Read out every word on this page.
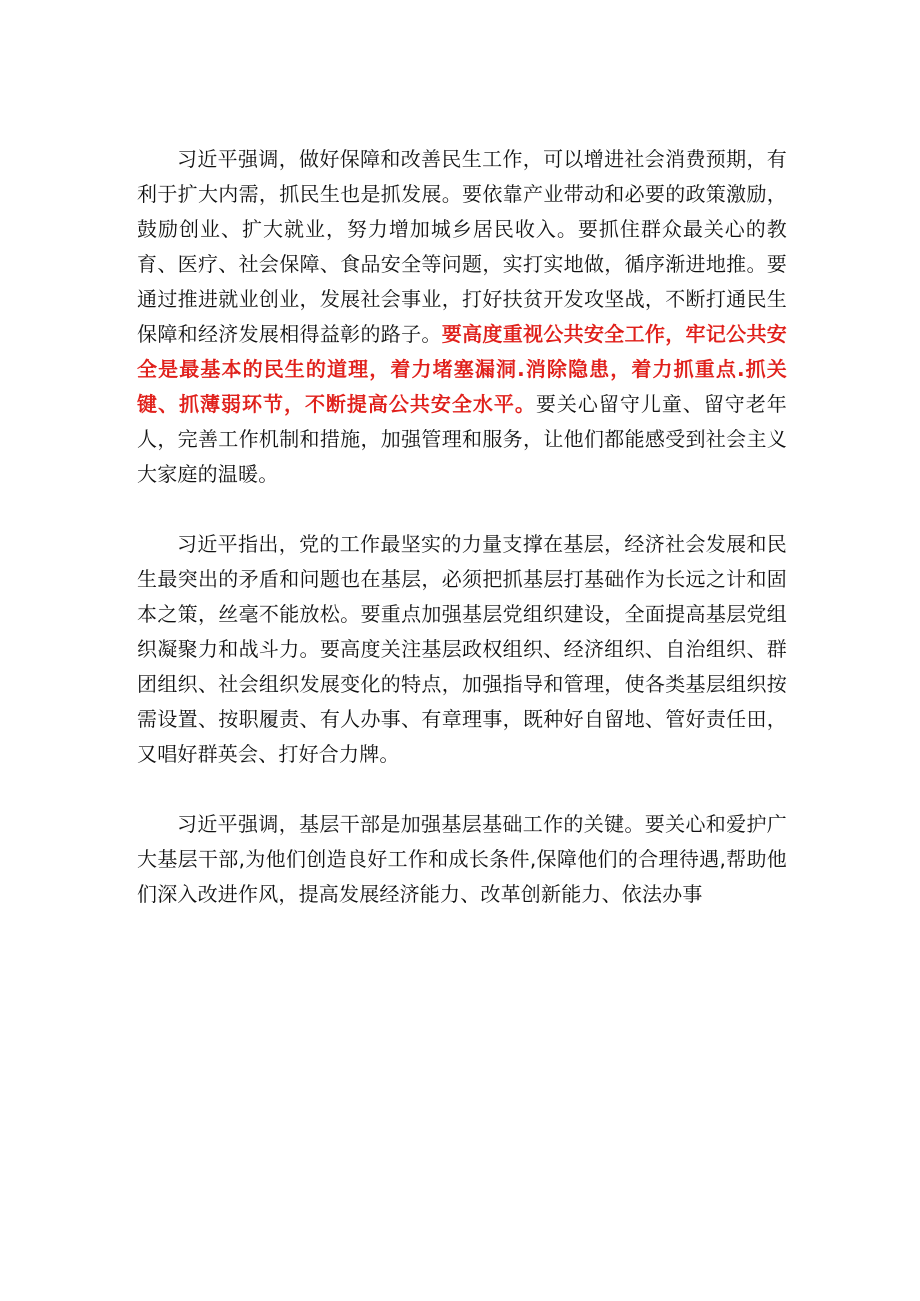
习近平强调，做好保障和改善民生工作，可以增进社会消费预期，有利于扩大内需，抓民生也是抓发展。要依靠产业带动和必要的政策激励，鼓励创业、扩大就业，努力增加城乡居民收入。要抓住群众最关心的教育、医疗、社会保障、食品安全等问题，实打实地做，循序渐进地推。要通过推进就业创业，发展社会事业，打好扶贫开发攻坚战，不断打通民生保障和经济发展相得益彰的路子。要高度重视公共安全工作，牢记公共安全是最基本的民生的道理，着力堵塞漏洞.消除隐患，着力抓重点.抓关键、抓薄弱环节，不断提高公共安全水平。要关心留守儿童、留守老年人，完善工作机制和措施，加强管理和服务，让他们都能感受到社会主义大家庭的温暖。

习近平指出，党的工作最坚实的力量支撑在基层，经济社会发展和民生最突出的矛盾和问题也在基层，必须把抓基层打基础作为长远之计和固本之策，丝毫不能放松。要重点加强基层党组织建设，全面提高基层党组织凝聚力和战斗力。要高度关注基层政权组织、经济组织、自治组织、群团组织、社会组织发展变化的特点，加强指导和管理，使各类基层组织按需设置、按职履责、有人办事、有章理事，既种好自留地、管好责任田，又唱好群英会、打好合力牌。

习近平强调，基层干部是加强基层基础工作的关键。要关心和爱护广大基层干部,为他们创造良好工作和成长条件,保障他们的合理待遇,帮助他们深入改进作风，提高发展经济能力、改革创新能力、依法办事
